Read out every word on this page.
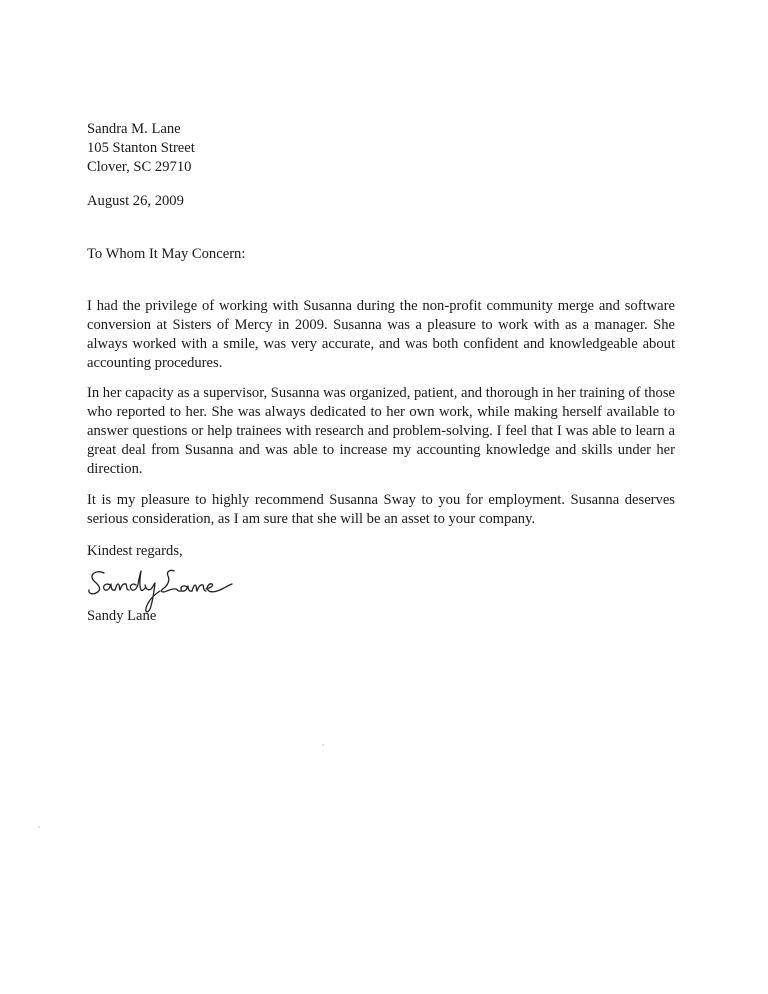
Sandra M. Lane
105 Stanton Street
Clover, SC 29710
August 26, 2009
To Whom It May Concern:
I had the privilege of working with Susanna during the non-profit community merge and software conversion at Sisters of Mercy in 2009. Susanna was a pleasure to work with as a manager. She always worked with a smile, was very accurate, and was both confident and knowledgeable about accounting procedures.
In her capacity as a supervisor, Susanna was organized, patient, and thorough in her training of those who reported to her. She was always dedicated to her own work, while making herself available to answer questions or help trainees with research and problem-solving. I feel that I was able to learn a great deal from Susanna and was able to increase my accounting knowledge and skills under her direction.
It is my pleasure to highly recommend Susanna Sway to you for employment. Susanna deserves serious consideration, as I am sure that she will be an asset to your company.
Kindest regards,
Sandy Lane
